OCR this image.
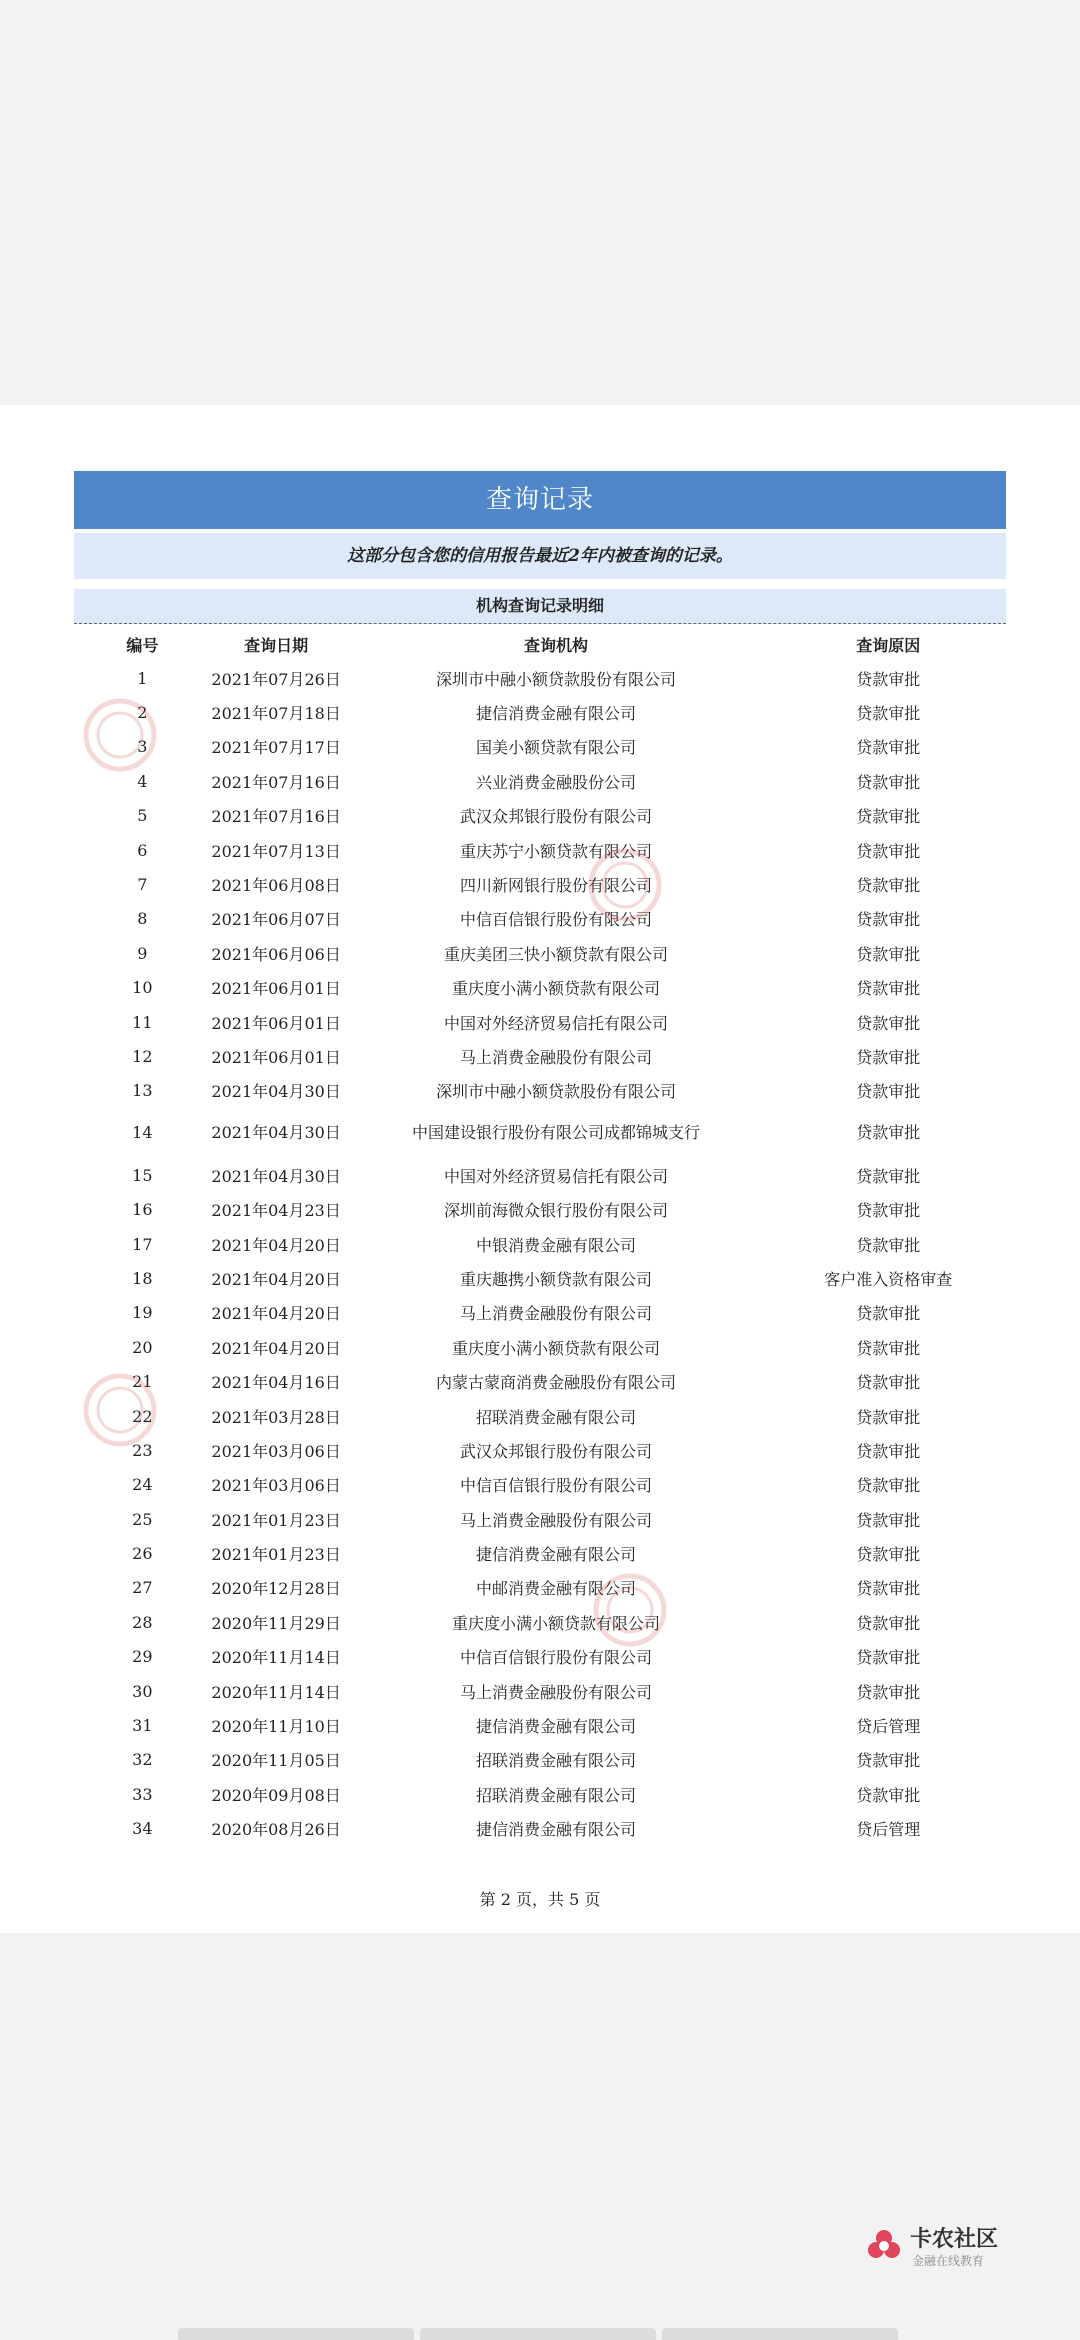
查询记录
这部分包含您的信用报告最近2年内被查询的记录。
机构查询记录明细
编号	查询日期	查询机构	查询原因
1	2021年07月26日	深圳市中融小额贷款股份有限公司	贷款审批
2	2021年07月18日	捷信消费金融有限公司	贷款审批
3	2021年07月17日	国美小额贷款有限公司	贷款审批
4	2021年07月16日	兴业消费金融股份公司	贷款审批
5	2021年07月16日	武汉众邦银行股份有限公司	贷款审批
6	2021年07月13日	重庆苏宁小额贷款有限公司	贷款审批
7	2021年06月08日	四川新网银行股份有限公司	贷款审批
8	2021年06月07日	中信百信银行股份有限公司	贷款审批
9	2021年06月06日	重庆美团三快小额贷款有限公司	贷款审批
10	2021年06月01日	重庆度小满小额贷款有限公司	贷款审批
11	2021年06月01日	中国对外经济贸易信托有限公司	贷款审批
12	2021年06月01日	马上消费金融股份有限公司	贷款审批
13	2021年04月30日	深圳市中融小额贷款股份有限公司	贷款审批
14	2021年04月30日	中国建设银行股份有限公司成都锦城支行	贷款审批
15	2021年04月30日	中国对外经济贸易信托有限公司	贷款审批
16	2021年04月23日	深圳前海微众银行股份有限公司	贷款审批
17	2021年04月20日	中银消费金融有限公司	贷款审批
18	2021年04月20日	重庆趣携小额贷款有限公司	客户准入资格审查
19	2021年04月20日	马上消费金融股份有限公司	贷款审批
20	2021年04月20日	重庆度小满小额贷款有限公司	贷款审批
21	2021年04月16日	内蒙古蒙商消费金融股份有限公司	贷款审批
22	2021年03月28日	招联消费金融有限公司	贷款审批
23	2021年03月06日	武汉众邦银行股份有限公司	贷款审批
24	2021年03月06日	中信百信银行股份有限公司	贷款审批
25	2021年01月23日	马上消费金融股份有限公司	贷款审批
26	2021年01月23日	捷信消费金融有限公司	贷款审批
27	2020年12月28日	中邮消费金融有限公司	贷款审批
28	2020年11月29日	重庆度小满小额贷款有限公司	贷款审批
29	2020年11月14日	中信百信银行股份有限公司	贷款审批
30	2020年11月14日	马上消费金融股份有限公司	贷款审批
31	2020年11月10日	捷信消费金融有限公司	贷后管理
32	2020年11月05日	招联消费金融有限公司	贷款审批
33	2020年09月08日	招联消费金融有限公司	贷款审批
34	2020年08月26日	捷信消费金融有限公司	贷后管理
第 2 页，共 5 页
卡农社区
金融在线教育
